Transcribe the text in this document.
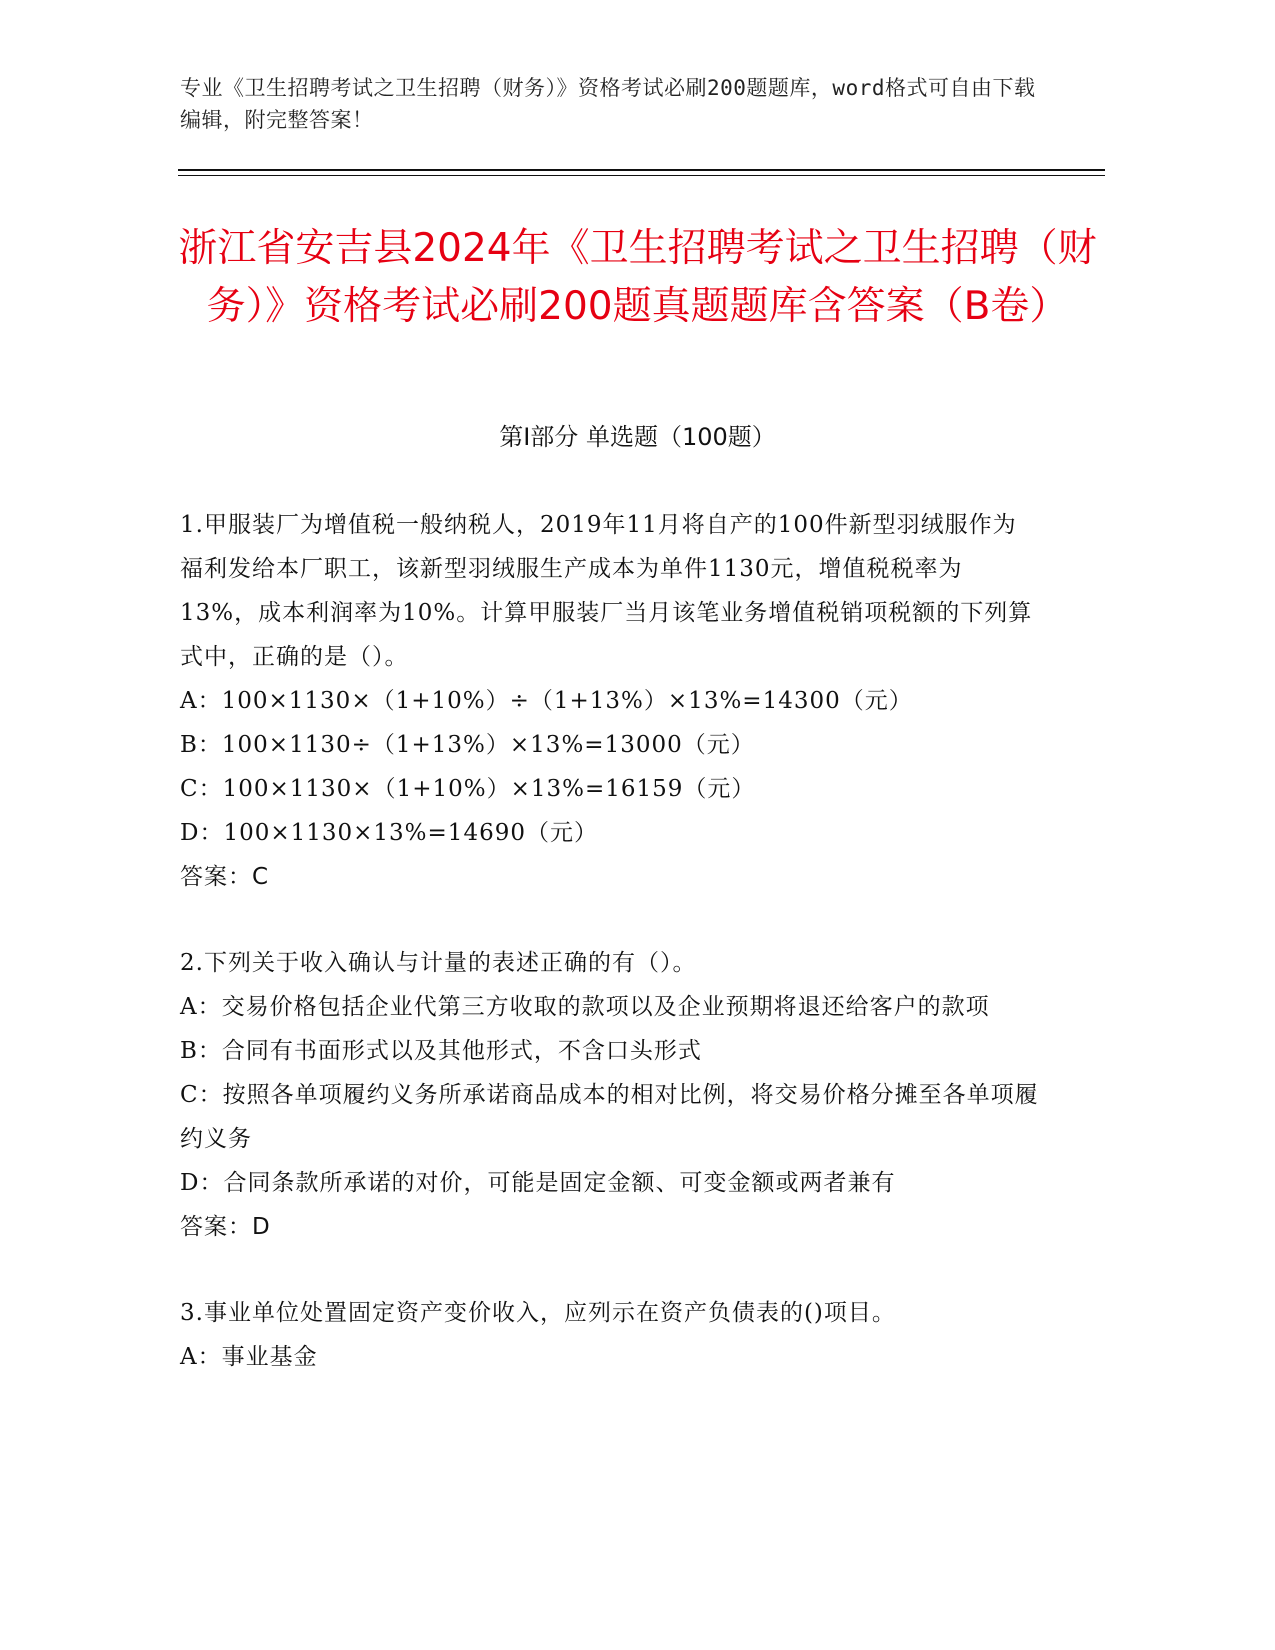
专业《卫生招聘考试之卫生招聘（财务）》资格考试必刷200题题库，word格式可自由下载编辑，附完整答案！
浙江省安吉县2024年《卫生招聘考试之卫生招聘（财务）》资格考试必刷200题真题题库含答案（B卷）
第Ⅰ部分 单选题（100题）

1.甲服装厂为增值税一般纳税人，2019年11月将自产的100件新型羽绒服作为福利发给本厂职工，该新型羽绒服生产成本为单件1130元，增值税税率为13%，成本利润率为10%。计算甲服装厂当月该笔业务增值税销项税额的下列算式中，正确的是（）。

A：100×1130×（1+10%）÷（1+13%）×13%=14300（元）

B：100×1130÷（1+13%）×13%=13000（元）

C：100×1130×（1+10%）×13%=16159（元）

D：100×1130×13%=14690（元）

答案：C

2.下列关于收入确认与计量的表述正确的有（）。

A：交易价格包括企业代第三方收取的款项以及企业预期将退还给客户的款项

B：合同有书面形式以及其他形式，不含口头形式

C：按照各单项履约义务所承诺商品成本的相对比例，将交易价格分摊至各单项履约义务

D：合同条款所承诺的对价，可能是固定金额、可变金额或两者兼有

答案：D

3.事业单位处置固定资产变价收入，应列示在资产负债表的()项目。

A：事业基金
